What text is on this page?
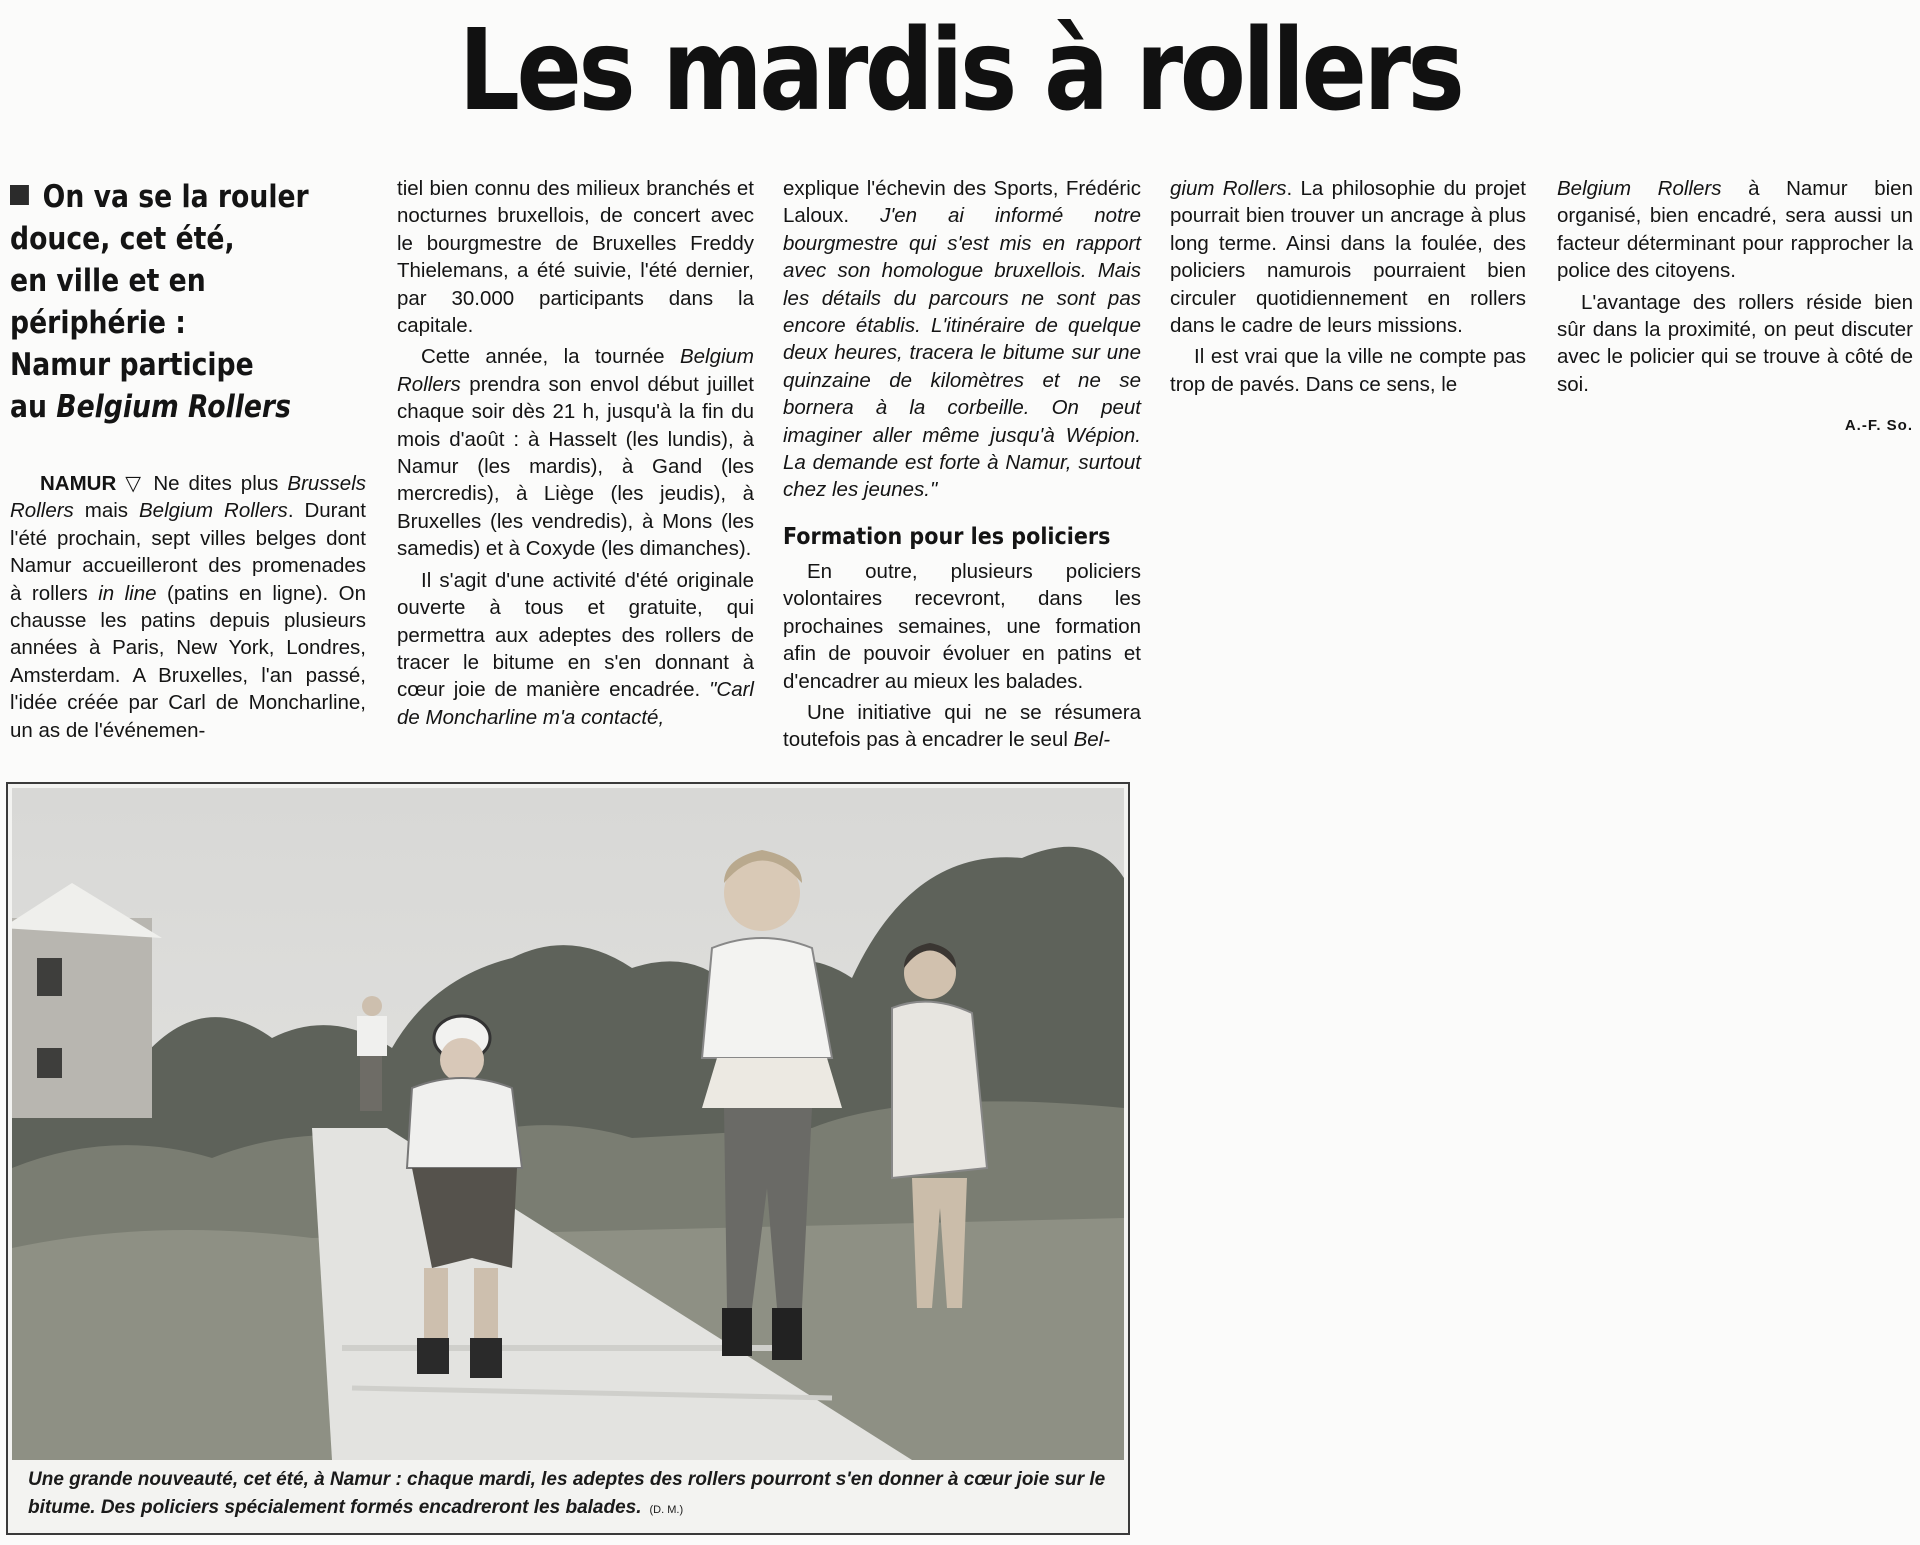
Les mardis à rollers
On va se la rouler
douce, cet été,
en ville et en périphérie :
Namur participe
au Belgium Rollers

NAMUR ▽ Ne dites plus Brussels Rollers mais Belgium Rollers. Durant l'été prochain, sept villes belges dont Namur accueilleront des promenades à rollers in line (patins en ligne). On chausse les patins depuis plusieurs années à Paris, New York, Londres, Amsterdam. A Bruxelles, l'an passé, l'idée créée par Carl de Moncharline, un as de l'événemen-

tiel bien connu des milieux branchés et nocturnes bruxellois, de concert avec le bourgmestre de Bruxelles Freddy Thielemans, a été suivie, l'été dernier, par 30.000 participants dans la capitale.

Cette année, la tournée Belgium Rollers prendra son envol début juillet chaque soir dès 21 h, jusqu'à la fin du mois d'août : à Hasselt (les lundis), à Namur (les mardis), à Gand (les mercredis), à Liège (les jeudis), à Bruxelles (les vendredis), à Mons (les samedis) et à Coxyde (les dimanches).

Il s'agit d'une activité d'été originale ouverte à tous et gratuite, qui permettra aux adeptes des rollers de tracer le bitume en s'en donnant à cœur joie de manière encadrée. "Carl de Moncharline m'a contacté,

explique l'échevin des Sports, Frédéric Laloux. J'en ai informé notre bourgmestre qui s'est mis en rapport avec son homologue bruxellois. Mais les détails du parcours ne sont pas encore établis. L'itinéraire de quelque deux heures, tracera le bitume sur une quinzaine de kilomètres et ne se bornera à la corbeille. On peut imaginer aller même jusqu'à Wépion. La demande est forte à Namur, surtout chez les jeunes."

Formation pour les policiers

En outre, plusieurs policiers volontaires recevront, dans les prochaines semaines, une formation afin de pouvoir évoluer en patins et d'encadrer au mieux les balades.

Une initiative qui ne se résumera toutefois pas à encadrer le seul Bel-

gium Rollers. La philosophie du projet pourrait bien trouver un ancrage à plus long terme. Ainsi dans la foulée, des policiers namurois pourraient bien circuler quotidiennement en rollers dans le cadre de leurs missions.

Il est vrai que la ville ne compte pas trop de pavés. Dans ce sens, le

Belgium Rollers à Namur bien organisé, bien encadré, sera aussi un facteur déterminant pour rapprocher la police des citoyens.

L'avantage des rollers réside bien sûr dans la proximité, on peut discuter avec le policier qui se trouve à côté de soi.

A.-F. So.
Une grande nouveauté, cet été, à Namur : chaque mardi, les adeptes des rollers pourront s'en donner à cœur joie sur le bitume. Des policiers spécialement formés encadreront les balades. (D. M.)
